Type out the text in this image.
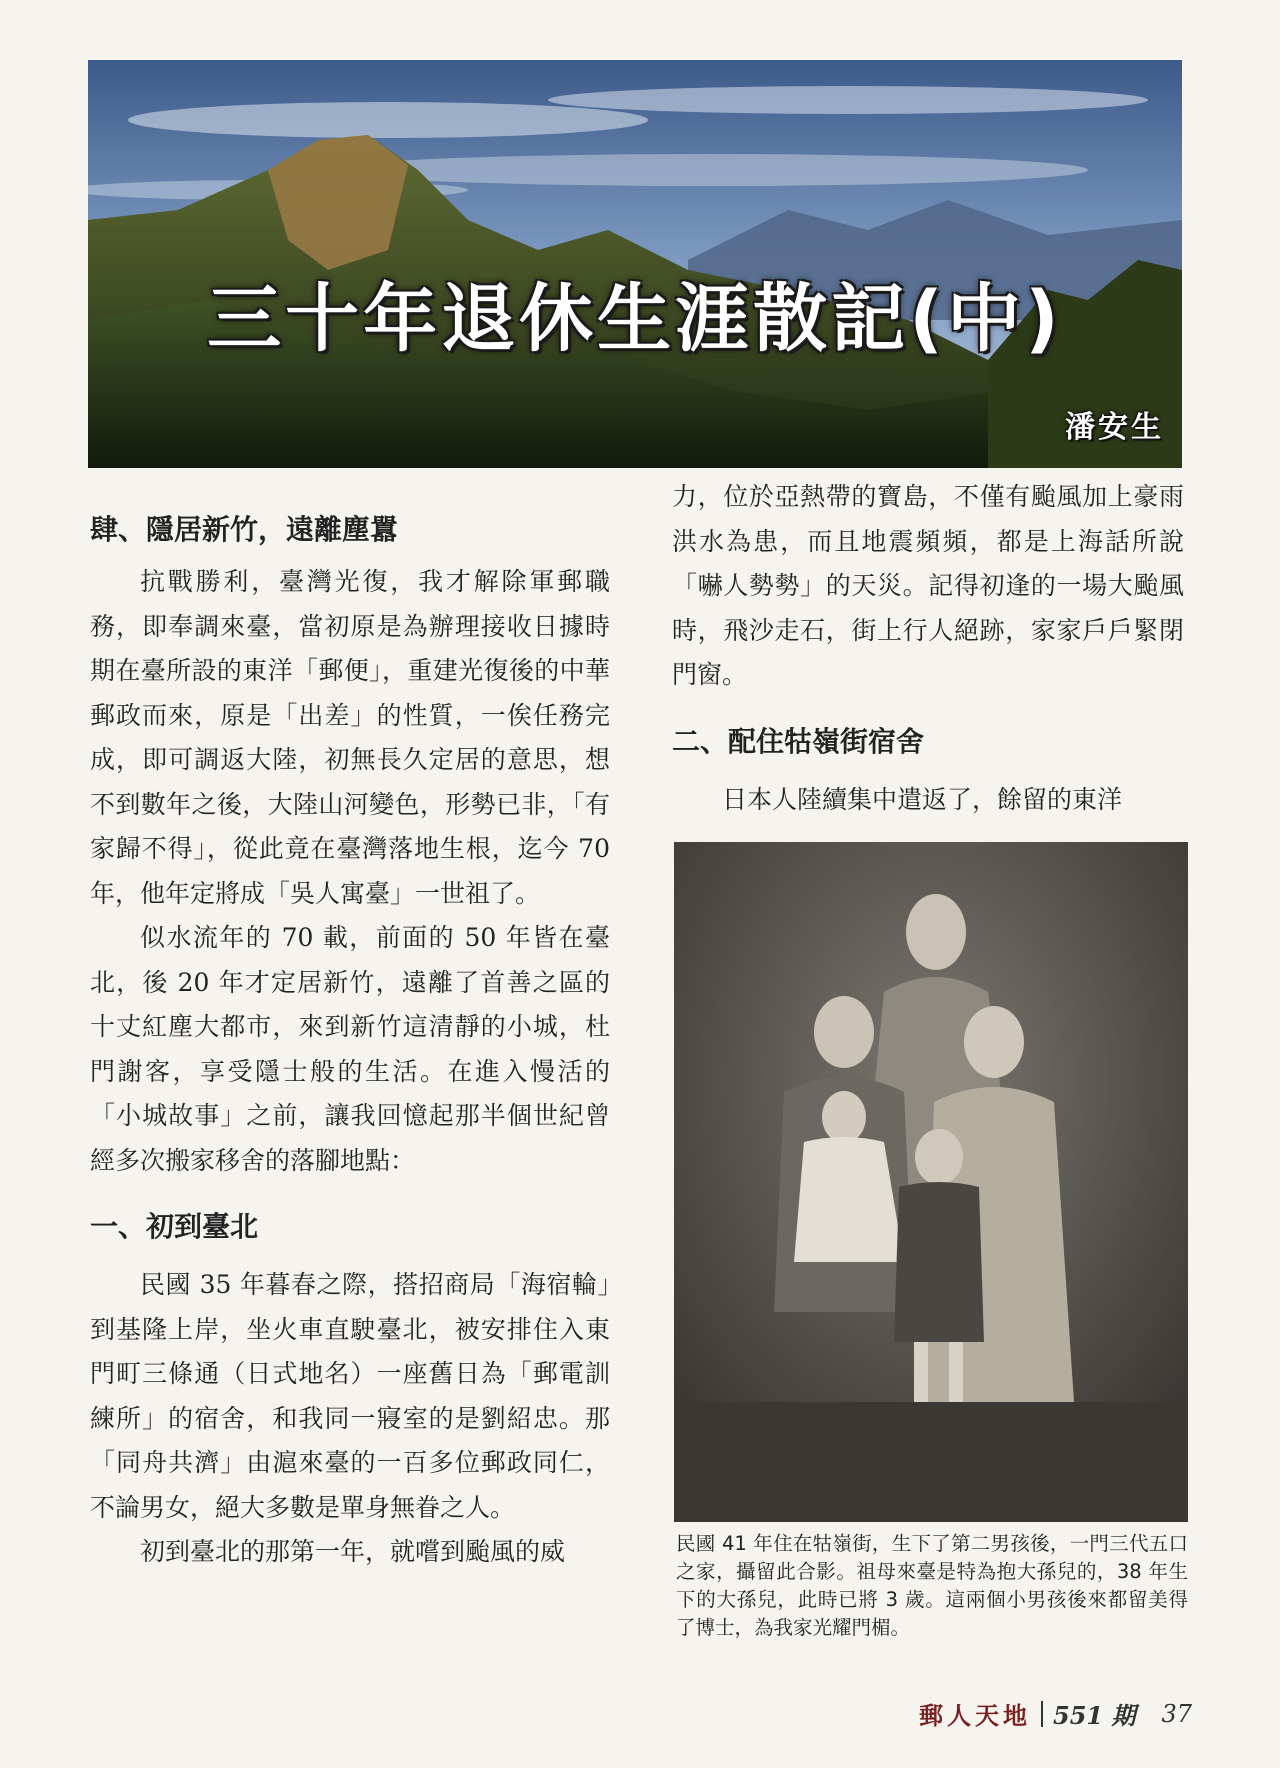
三十年退休生涯散記(中)
潘安生
肆、隱居新竹，遠離塵囂

抗戰勝利，臺灣光復，我才解除軍郵職務，即奉調來臺，當初原是為辦理接收日據時期在臺所設的東洋「郵便」，重建光復後的中華郵政而來，原是「出差」的性質，一俟任務完成，即可調返大陸，初無長久定居的意思，想不到數年之後，大陸山河變色，形勢已非，「有家歸不得」，從此竟在臺灣落地生根，迄今 70 年，他年定將成「吳人寓臺」一世祖了。

似水流年的 70 載，前面的 50 年皆在臺北，後 20 年才定居新竹，遠離了首善之區的十丈紅塵大都市，來到新竹這清靜的小城，杜門謝客，享受隱士般的生活。在進入慢活的「小城故事」之前，讓我回憶起那半個世紀曾經多次搬家移舍的落腳地點：

一、初到臺北

民國 35 年暮春之際，搭招商局「海宿輪」到基隆上岸，坐火車直駛臺北，被安排住入東門町三條通（日式地名）一座舊日為「郵電訓練所」的宿舍，和我同一寢室的是劉紹忠。那「同舟共濟」由滬來臺的一百多位郵政同仁，不論男女，絕大多數是單身無眷之人。

初到臺北的那第一年，就嚐到颱風的威

力，位於亞熱帶的寶島，不僅有颱風加上豪雨洪水為患，而且地震頻頻，都是上海話所說「嚇人勢勢」的天災。記得初逢的一場大颱風時，飛沙走石，街上行人絕跡，家家戶戶緊閉門窗。

二、配住牯嶺街宿舍

日本人陸續集中遣返了，餘留的東洋

民國 41 年住在牯嶺街，生下了第二男孩後，一門三代五口之家，攝留此合影。祖母來臺是特為抱大孫兒的，38 年生下的大孫兒，此時已將 3 歲。這兩個小男孩後來都留美得了博士，為我家光耀門楣。

郵人天地 551 期 37
